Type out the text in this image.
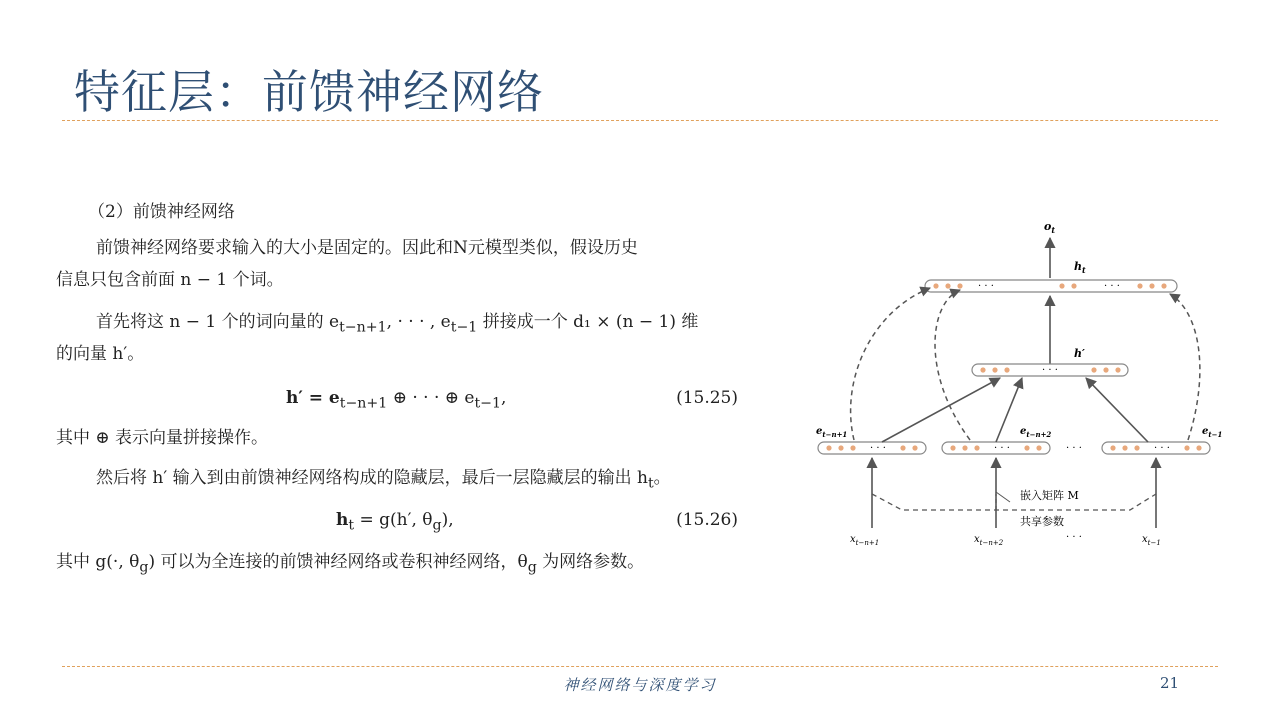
特征层：前馈神经网络
（2）前馈神经网络
前馈神经网络要求输入的大小是固定的。因此和N元模型类似，假设历史
信息只包含前面 n − 1 个词。
首先将这 n − 1 个的词向量的 $e_{t-n+1}$, · · · , $e_{t-1}$ 拼接成一个 d₁ × (n − 1) 维
的向量 h′。
$h' = e_{t-n+1}$ ⊕ · · · ⊕ $e_{t-1}$,	(15.25)
其中 ⊕ 表示向量拼接操作。
然后将 h′ 输入到由前馈神经网络构成的隐藏层，最后一层隐藏层的输出 $h_t$。
$h_t = g(h'$, $\theta_g$),	(15.26)
其中 g(·, $\theta_g$) 可以为全连接的前馈神经网络或卷积神经网络，$\theta_g$ 为网络参数。
$o_t$
· · ·	· · ·
$h_t$
· · ·
h′
· · ·	· · ·	· · ·
· · ·
$e_{t-n+1}$	$e_{t-n+2}$	$e_{t-1}$
嵌入矩阵 M
共享参数
$x_{t-n+1}$	$x_{t-n+2}$	· · ·	$x_{t-1}$
神经网络与深度学习	21
